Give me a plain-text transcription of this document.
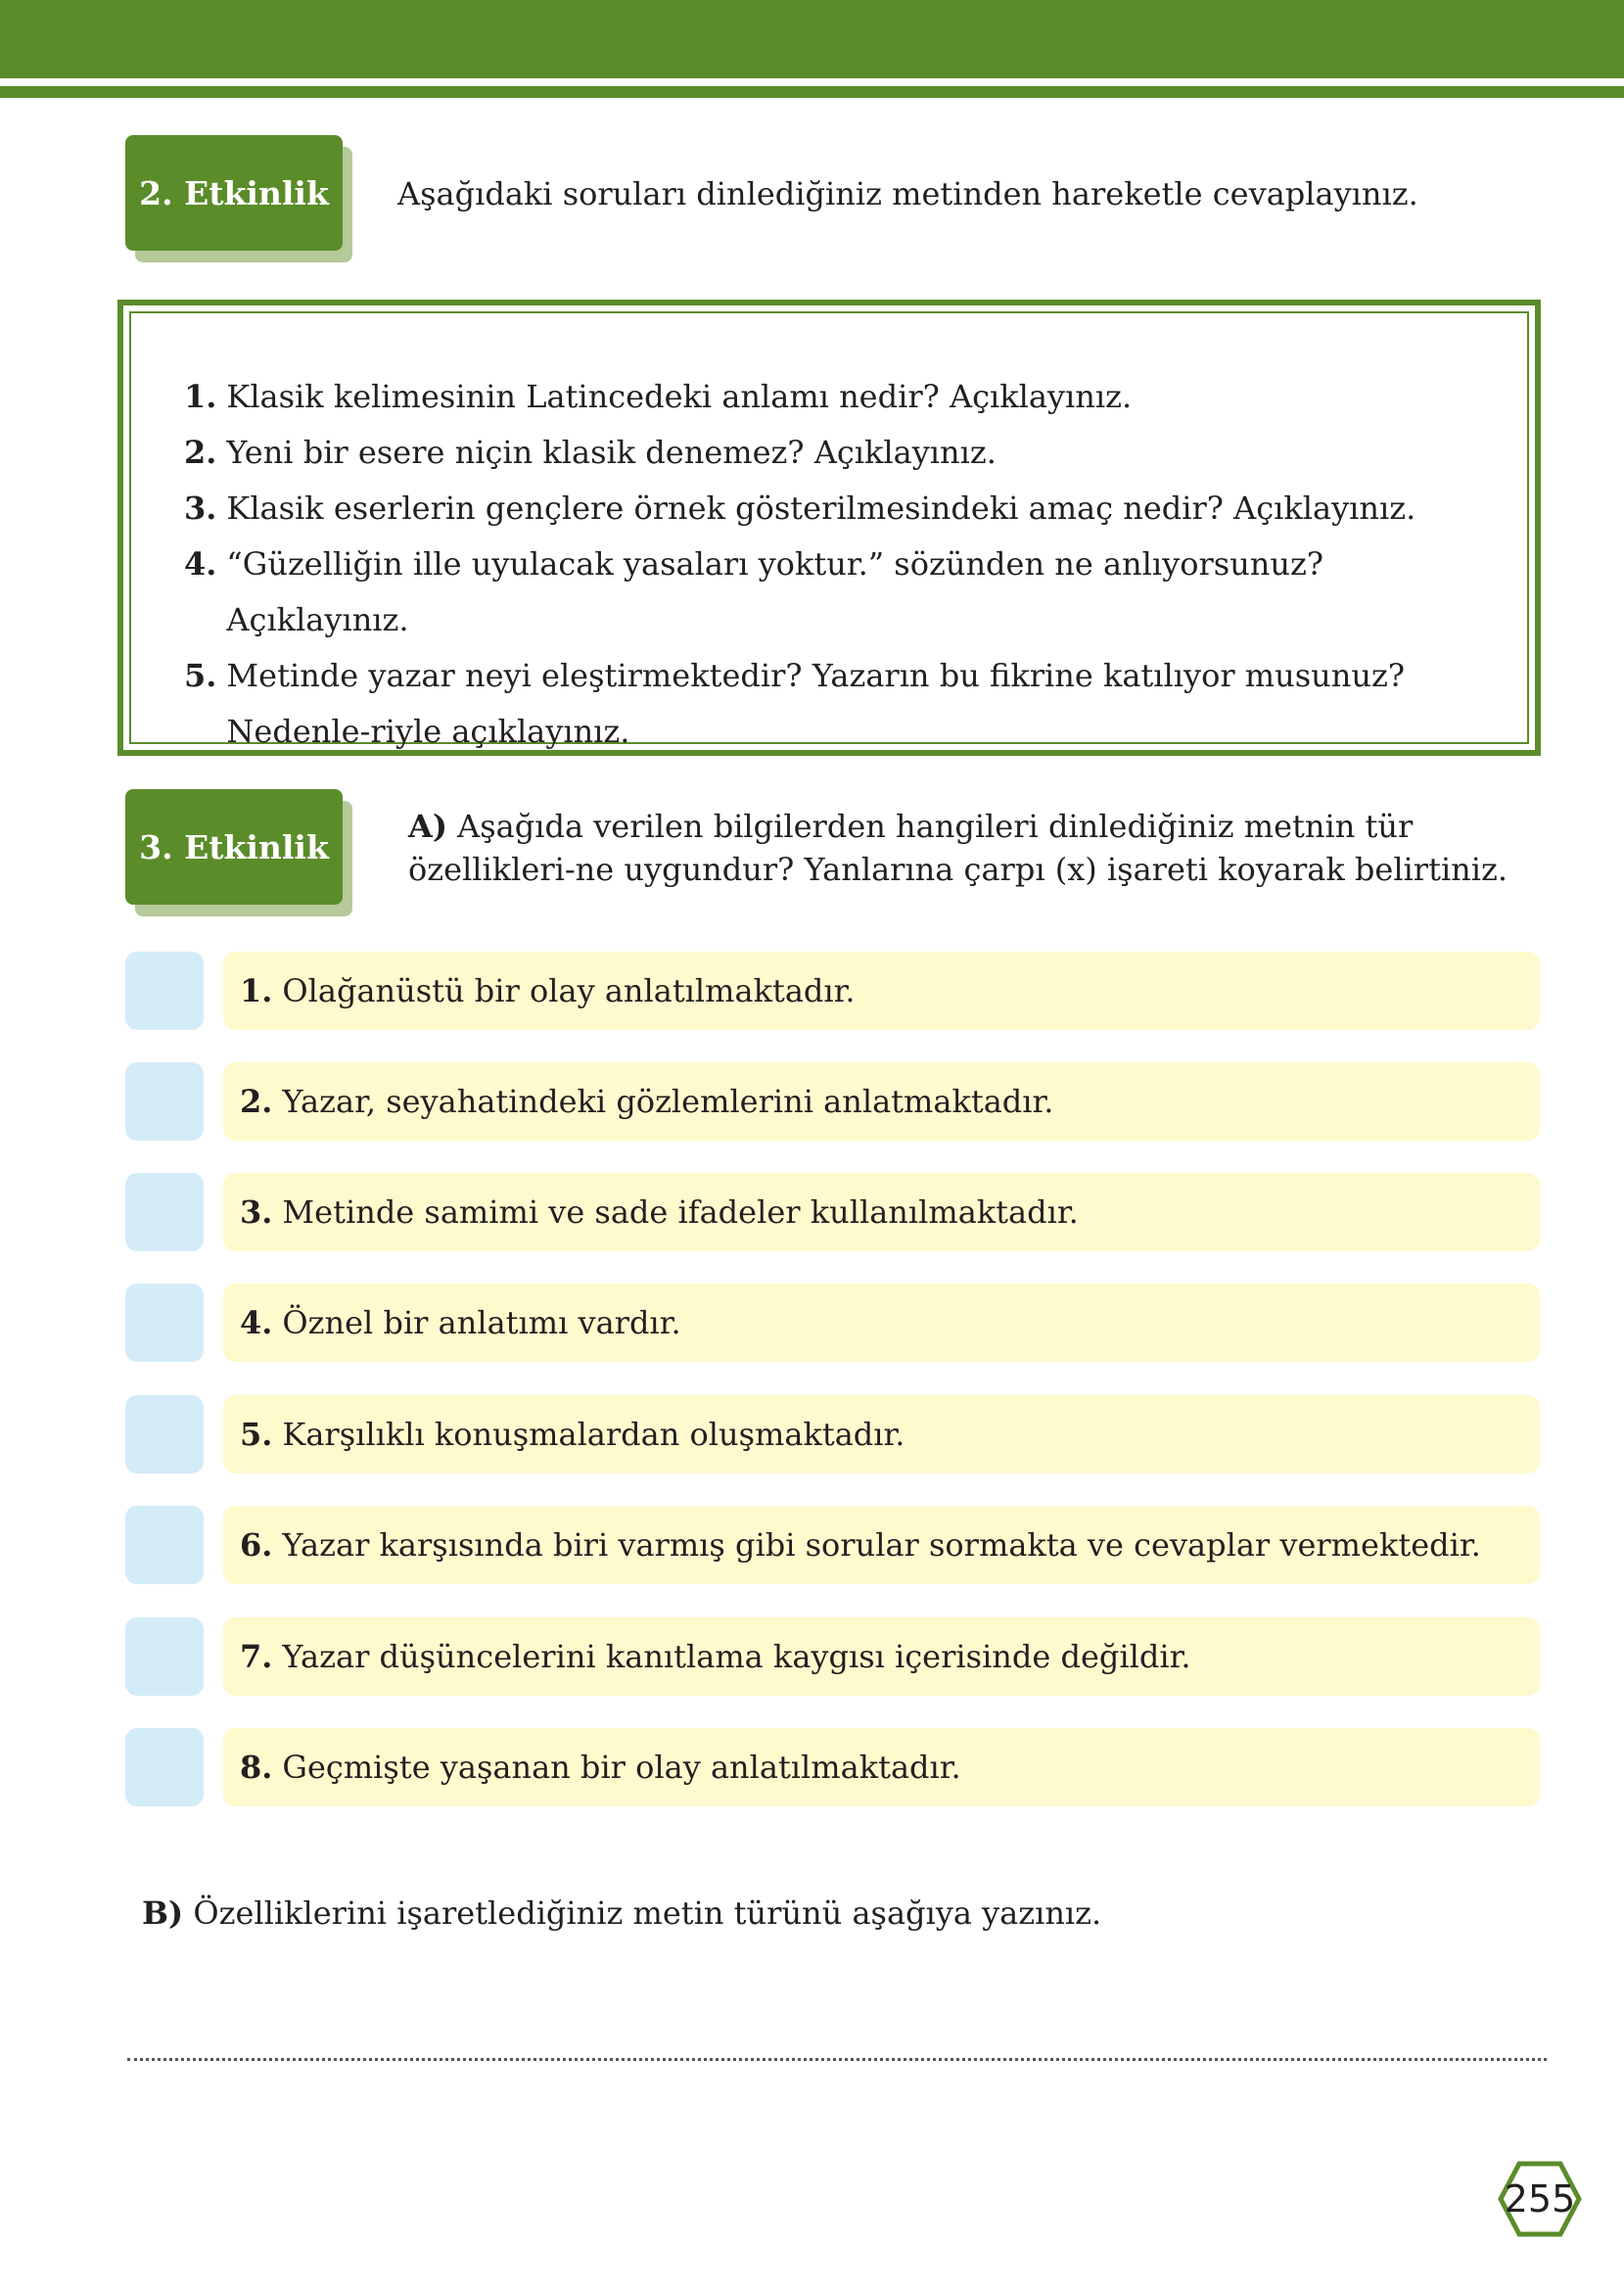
2. Etkinlik	Aşağıdaki soruları dinlediğiniz metinden hareketle cevaplayınız.
1. Klasik kelimesinin Latincedeki anlamı nedir? Açıklayınız.
2. Yeni bir esere niçin klasik denemez? Açıklayınız.
3. Klasik eserlerin gençlere örnek gösterilmesindeki amaç nedir? Açıklayınız.
4. “Güzelliğin ille uyulacak yasaları yoktur.” sözünden ne anlıyorsunuz? Açıklayınız.
5. Metinde yazar neyi eleştirmektedir? Yazarın bu fikrine katılıyor musunuz? Nedenle-riyle açıklayınız.
3. Etkinlik
A) Aşağıda verilen bilgilerden hangileri dinlediğiniz metnin tür özellikleri-ne uygundur? Yanlarına çarpı (x) işareti koyarak belirtiniz.
1. Olağanüstü bir olay anlatılmaktadır.
2. Yazar, seyahatindeki gözlemlerini anlatmaktadır.
3. Metinde samimi ve sade ifadeler kullanılmaktadır.
4. Öznel bir anlatımı vardır.
5. Karşılıklı konuşmalardan oluşmaktadır.
6. Yazar karşısında biri varmış gibi sorular sormakta ve cevaplar vermektedir.
7. Yazar düşüncelerini kanıtlama kaygısı içerisinde değildir.
8. Geçmişte yaşanan bir olay anlatılmaktadır.
B) Özelliklerini işaretlediğiniz metin türünü aşağıya yazınız.
255
